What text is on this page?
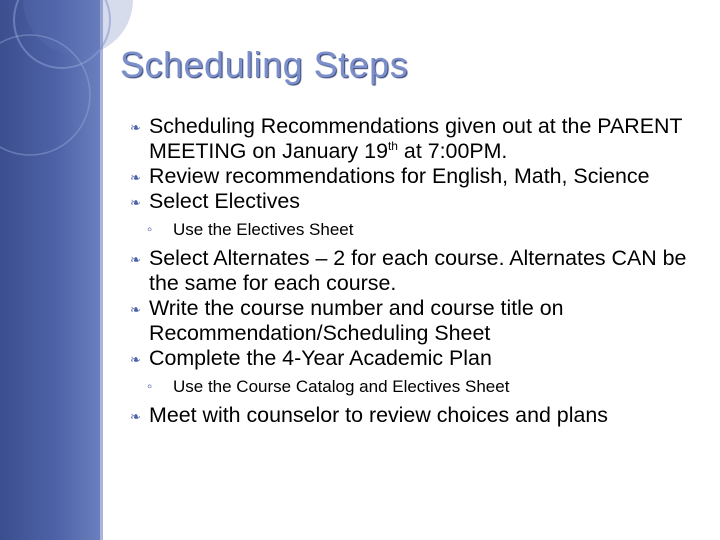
Scheduling Steps

❧ Scheduling Recommendations given out at the PARENT MEETING on January 19th at 7:00PM.

❧ Review recommendations for English, Math, Science

❧ Select Electives

◦ Use the Electives Sheet

❧ Select Alternates – 2 for each course. Alternates CAN be the same for each course.

❧ Write the course number and course title on Recommendation/Scheduling Sheet

❧ Complete the 4-Year Academic Plan

◦ Use the Course Catalog and Electives Sheet

❧ Meet with counselor to review choices and plans
